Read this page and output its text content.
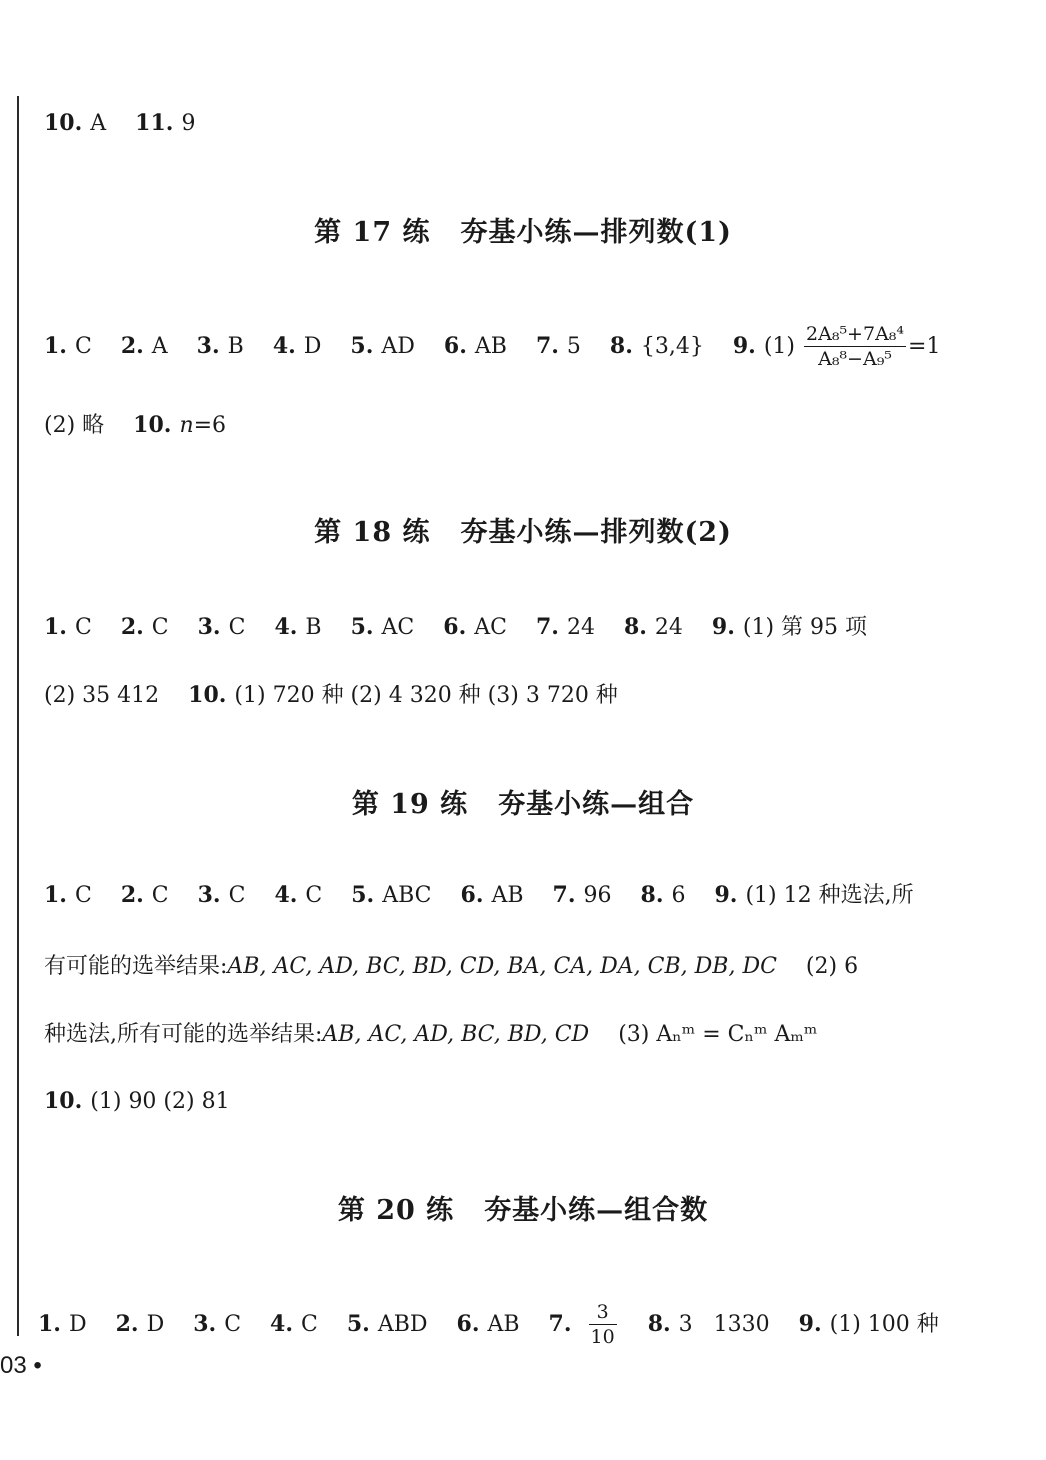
10. A 11. 9
第 17 练 夯基小练—排列数(1)
1. C 2. A 3. B 4. D 5. AD 6. AB 7. 5 8. {3,4} 9. $(1) \frac{\text{2A₈⁵+7A₈⁴}}{\text{A₈⁸−A₉⁵}} =1$
(2) 略 10. n=6
第 18 练 夯基小练—排列数(2)
1. C 2. C 3. C 4. B 5. AC 6. AC 7. 24 8. 24 9. (1) 第 95 项
(2) 35 412 10. (1) 720 种 (2) 4 320 种 (3) 3 720 种
第 19 练 夯基小练—组合
1. C 2. C 3. C 4. C 5. ABC 6. AB 7. 96 8. 6 9. (1) 12 种选法,所
有可能的选举结果:AB, AC, AD, BC, BD, CD, BA, CA, DA, CB, DB, DC (2) 6
种选法,所有可能的选举结果:AB, AC, AD, BC, BD, CD (3) Aₙᵐ = Cₙᵐ Aₘᵐ
10. (1) 90 (2) 81
第 20 练 夯基小练—组合数
1. D 2. D 3. C 4. C 5. ABD 6. AB 7. $\frac{3}{10} 8$. 3   1330 9. (1) 100 种
03 •
